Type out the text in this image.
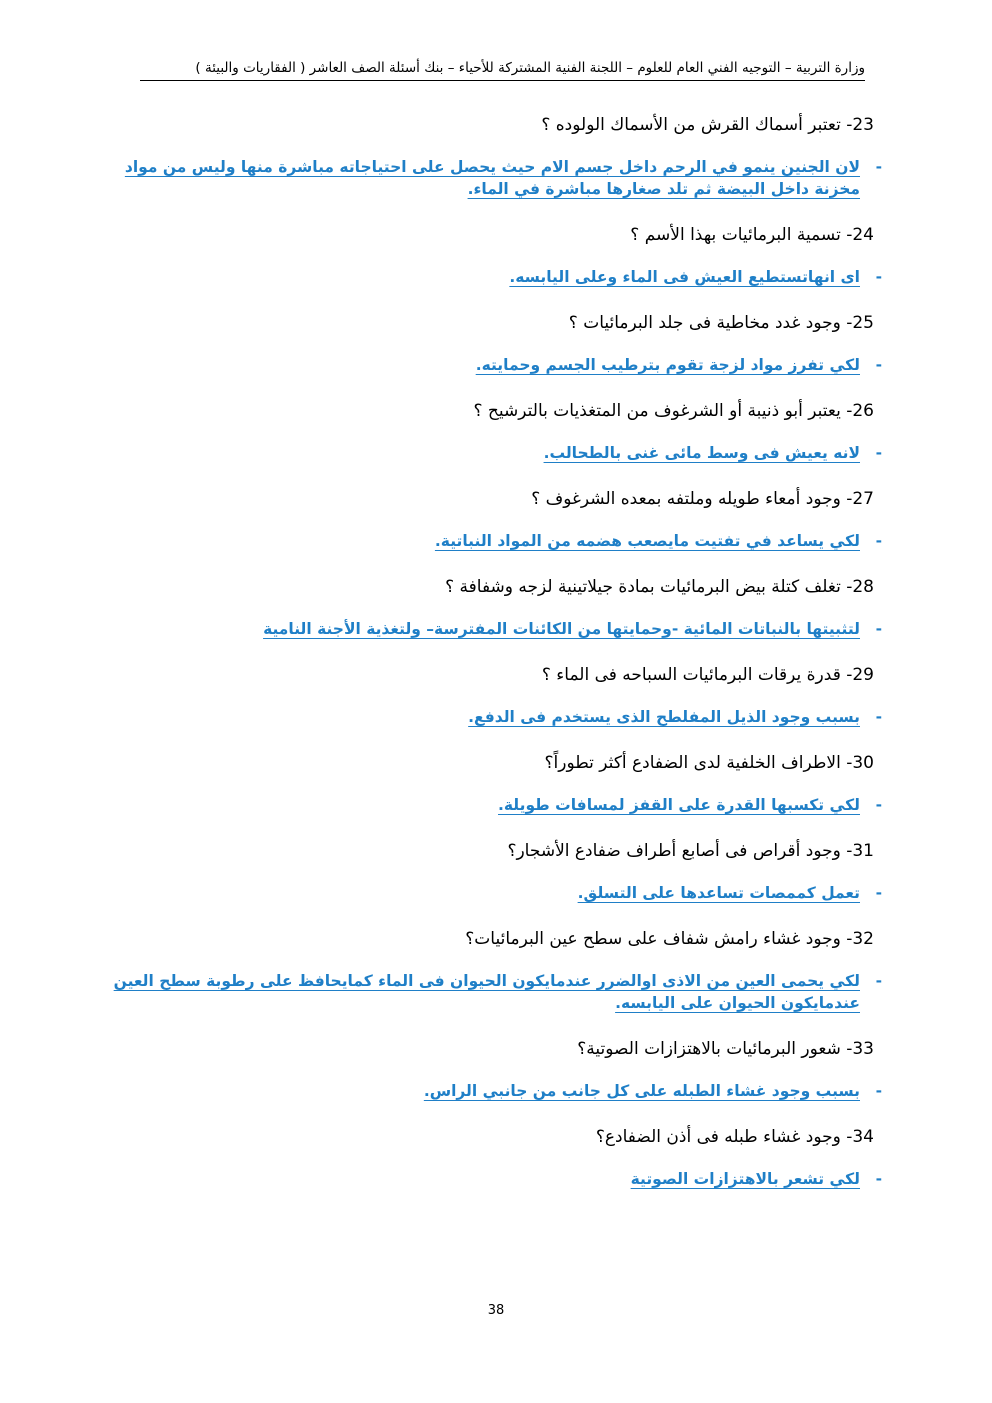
وزارة التربية – التوجيه الفني العام للعلوم – اللجنة الفنية المشتركة للأحياء – بنك أسئلة الصف العاشر ( الفقاريات والبيئة )
23- تعتبر أسماك القرش من الأسماك الولوده ؟
-
لان الجنين ينمو في الرحم داخل جسم الام حيث يحصل على احتياجاته مباشرة منها وليس من مواد مخزنة داخل البيضة ثم تلد صغارها مباشرة في الماء.
24- تسمية البرمائيات بهذا الأسم ؟
-
اى انهاتستطيع العيش فى الماء وعلى اليابسه.
25- وجود غدد مخاطية فى جلد البرمائيات ؟
-
لكي تفرز مواد لزجة تقوم بترطيب الجسم وحمايته.
26- يعتبر أبو ذنيبة أو الشرغوف من المتغذيات بالترشيح ؟
-
لانه يعيش فى وسط مائى غنى بالطحالب.
27- وجود أمعاء طويله وملتفه بمعده الشرغوف ؟
-
لكي يساعد في تفتيت مايصعب هضمه من المواد النباتية.
28- تغلف كتلة بيض البرمائيات بمادة جيلاتينية لزجه وشفافة ؟
-
لتثبيتها بالنباتات المائية -وحمايتها من الكائنات المفترسة– ولتغذية الأجنة النامية
29- قدرة يرقات البرمائيات السباحه فى الماء ؟
-
بسبب وجود الذيل المفلطح الذى يستخدم فى الدفع.
30- الاطراف الخلفية لدى الضفادع أكثر تطوراً؟
-
لكي تكسبها القدرة على القفز لمسافات طويلة.
31- وجود أقراص فى أصابع أطراف ضفادع الأشجار؟
-
تعمل كممصات تساعدها على التسلق.
32- وجود غشاء رامش شفاف على سطح عين البرمائيات؟
-
لكي يحمى العين من الاذى اوالضرر عندمايكون الحيوان فى الماء كمايحافظ على رطوبة سطح العين عندمايكون الحيوان على اليابسه.
33- شعور البرمائيات بالاهتزازات الصوتية؟
-
بسبب وجود غشاء الطبله على كل جانب من جانبي الراس.
34- وجود غشاء طبله فى أذن الضفادع؟
-
لكي تشعر بالاهتزازات الصوتية
38
